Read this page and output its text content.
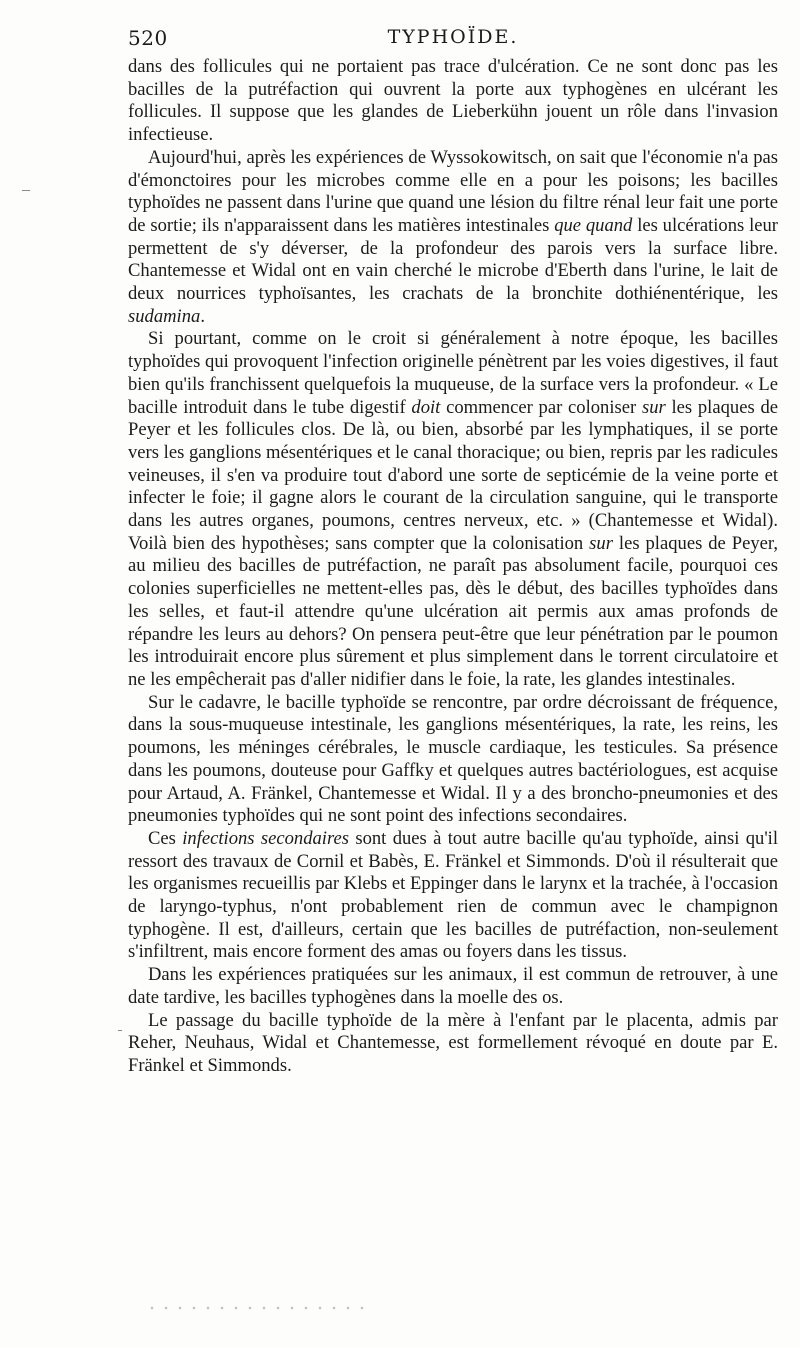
520	TYPHOÏDE.

dans des follicules qui ne portaient pas trace d'ulcération. Ce ne sont donc pas les bacilles de la putréfaction qui ouvrent la porte aux typhogènes en ulcérant les follicules. Il suppose que les glandes de Lieberkühn jouent un rôle dans l'invasion infectieuse.

Aujourd'hui, après les expériences de Wyssokowitsch, on sait que l'économie n'a pas d'émonctoires pour les microbes comme elle en a pour les poisons; les bacilles typhoïdes ne passent dans l'urine que quand une lésion du filtre rénal leur fait une porte de sortie; ils n'apparaissent dans les matières intestinales que quand les ulcérations leur permettent de s'y déverser, de la profondeur des parois vers la surface libre. Chantemesse et Widal ont en vain cherché le microbe d'Eberth dans l'urine, le lait de deux nourrices typhoïsantes, les crachats de la bronchite dothiénentérique, les sudamina.

Si pourtant, comme on le croit si généralement à notre époque, les bacilles typhoïdes qui provoquent l'infection originelle pénètrent par les voies digestives, il faut bien qu'ils franchissent quelquefois la muqueuse, de la surface vers la profondeur. « Le bacille introduit dans le tube digestif doit commencer par coloniser sur les plaques de Peyer et les follicules clos. De là, ou bien, absorbé par les lymphatiques, il se porte vers les ganglions mésentériques et le canal thoracique; ou bien, repris par les radicules veineuses, il s'en va produire tout d'abord une sorte de septicémie de la veine porte et infecter le foie; il gagne alors le courant de la circulation sanguine, qui le transporte dans les autres organes, poumons, centres nerveux, etc. » (Chantemesse et Widal). Voilà bien des hypothèses; sans compter que la colonisation sur les plaques de Peyer, au milieu des bacilles de putréfaction, ne paraît pas absolument facile, pourquoi ces colonies superficielles ne mettent-elles pas, dès le début, des bacilles typhoïdes dans les selles, et faut-il attendre qu'une ulcération ait permis aux amas profonds de répandre les leurs au dehors? On pensera peut-être que leur pénétration par le poumon les introduirait encore plus sûrement et plus simplement dans le torrent circulatoire et ne les empêcherait pas d'aller nidifier dans le foie, la rate, les glandes intestinales.

Sur le cadavre, le bacille typhoïde se rencontre, par ordre décroissant de fréquence, dans la sous-muqueuse intestinale, les ganglions mésentériques, la rate, les reins, les poumons, les méninges cérébrales, le muscle cardiaque, les testicules. Sa présence dans les poumons, douteuse pour Gaffky et quelques autres bactériologues, est acquise pour Artaud, A. Fränkel, Chantemesse et Widal. Il y a des broncho-pneumonies et des pneumonies typhoïdes qui ne sont point des infections secondaires.

Ces infections secondaires sont dues à tout autre bacille qu'au typhoïde, ainsi qu'il ressort des travaux de Cornil et Babès, E. Fränkel et Simmonds. D'où il résulterait que les organismes recueillis par Klebs et Eppinger dans le larynx et la trachée, à l'occasion de laryngo-typhus, n'ont probablement rien de commun avec le champignon typhogène. Il est, d'ailleurs, certain que les bacilles de putréfaction, non-seulement s'infiltrent, mais encore forment des amas ou foyers dans les tissus.

Dans les expériences pratiquées sur les animaux, il est commun de retrouver, à une date tardive, les bacilles typhogènes dans la moelle des os.

Le passage du bacille typhoïde de la mère à l'enfant par le placenta, admis par Reher, Neuhaus, Widal et Chantemesse, est formellement révoqué en doute par E. Fränkel et Simmonds.
